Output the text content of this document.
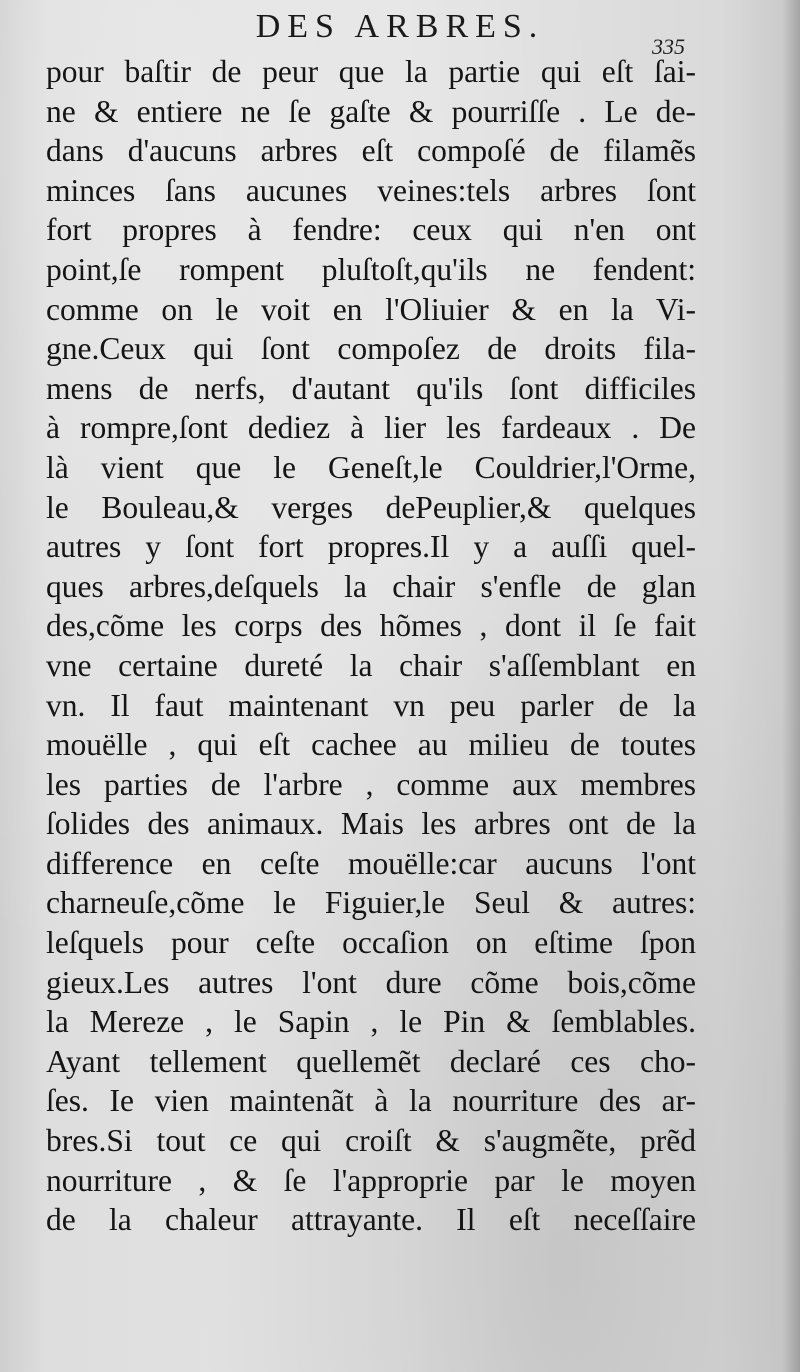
DES ARBRES.
335
pour baſtir de peur que la partie qui eſt ſai-
ne & entiere ne ſe gaſte & pourriſſe . Le de-
dans d'aucuns arbres eſt compoſé de filamẽs
minces ſans aucunes veines:tels arbres ſont
fort propres à fendre: ceux qui n'en ont
point,ſe rompent pluſtoſt,qu'ils ne fendent:
comme on le voit en l'Oliuier & en la Vi-
gne.Ceux qui ſont compoſez de droits fila-
mens de nerfs, d'autant qu'ils ſont difficiles
à rompre,ſont dediez à lier les fardeaux . De
là vient que le Geneſt,le Couldrier,l'Orme,
le Bouleau,& verges dePeuplier,& quelques
autres y ſont fort propres.Il y a auſſi quel-
ques arbres,deſquels la chair s'enfle de glan
des,cõme les corps des hõmes , dont il ſe fait
vne certaine dureté la chair s'aſſemblant en
vn. Il faut maintenant vn peu parler de la
mouëlle , qui eſt cachee au milieu de toutes
les parties de l'arbre , comme aux membres
ſolides des animaux. Mais les arbres ont de la
difference en ceſte mouëlle:car aucuns l'ont
charneuſe,cõme le Figuier,le Seul & autres:
leſquels pour ceſte occaſion on eſtime ſpon
gieux.Les autres l'ont dure cõme bois,cõme
la Mereze , le Sapin , le Pin & ſemblables.
Ayant tellement quellemẽt declaré ces cho-
ſes. Ie vien maintenãt à la nourriture des ar-
bres.Si tout ce qui croiſt & s'augmẽte, prẽd
nourriture , & ſe l'approprie par le moyen
de la chaleur attrayante. Il eſt neceſſaire
